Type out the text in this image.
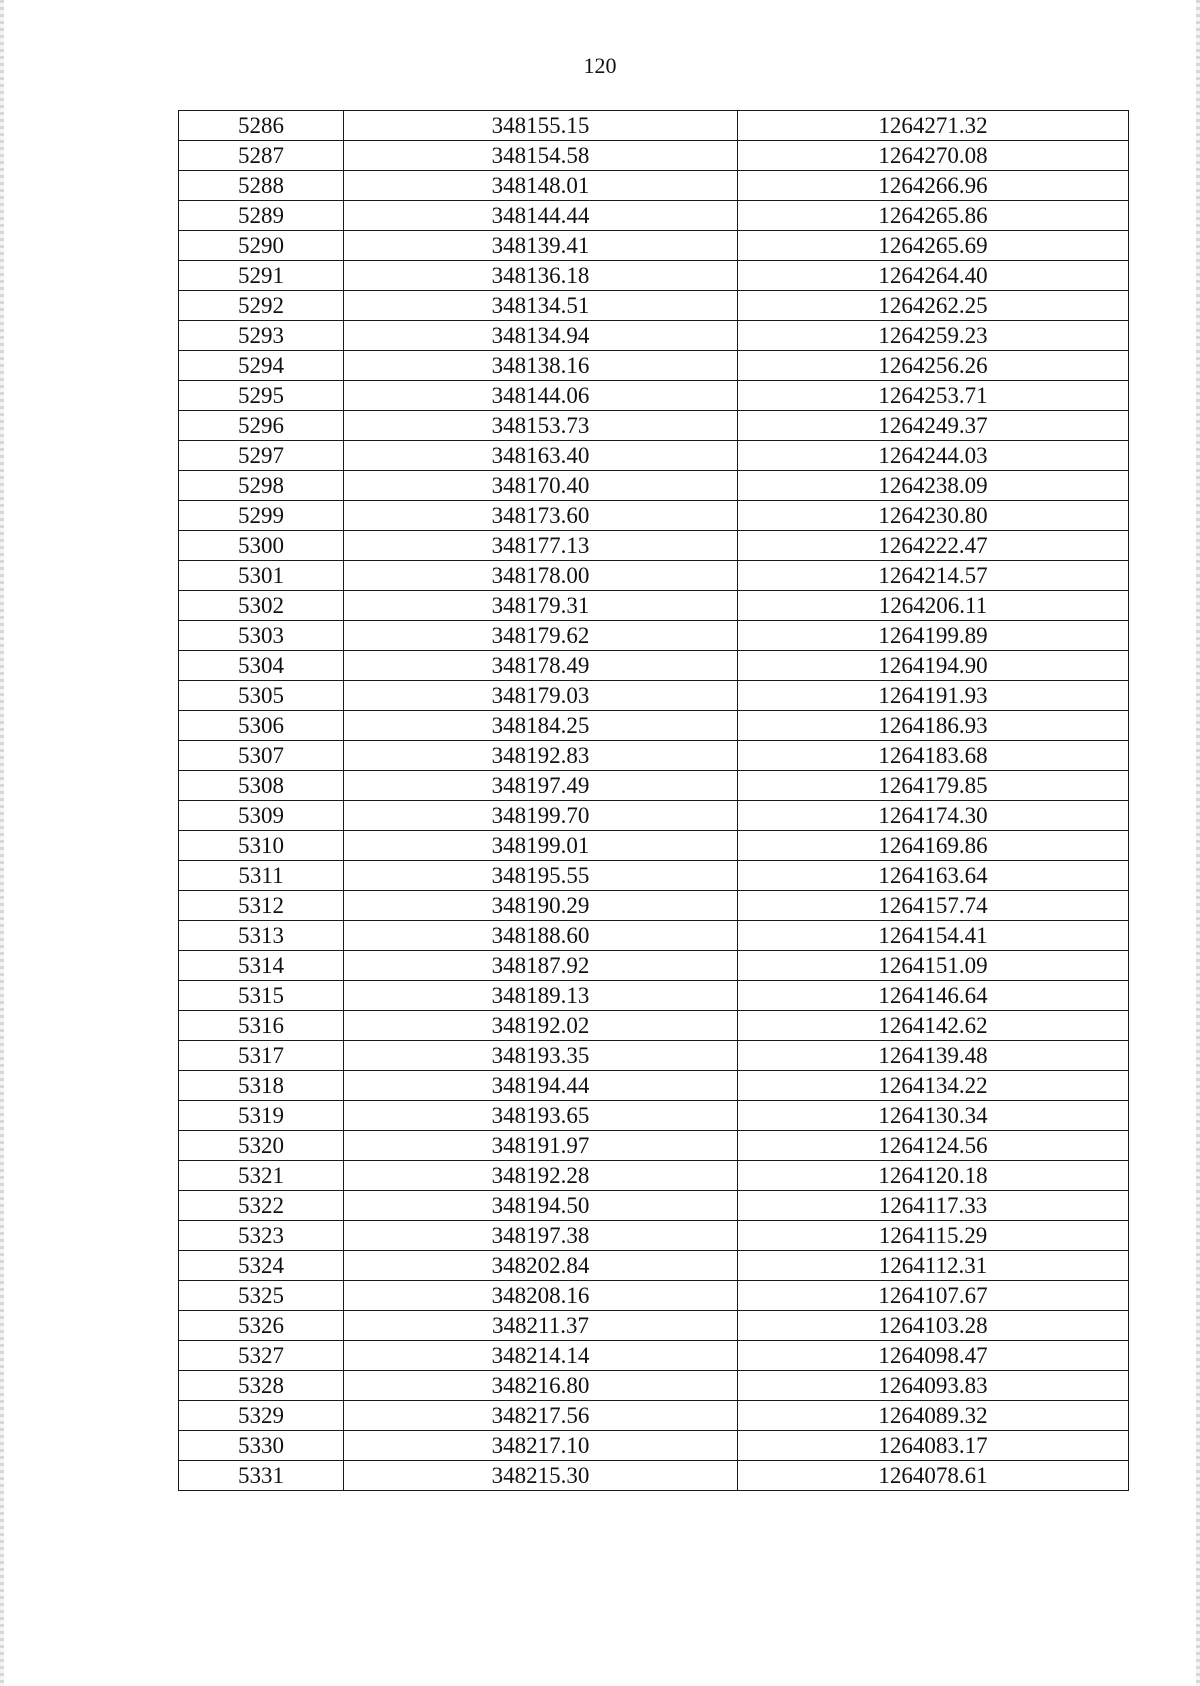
120
5286	348155.15	1264271.32
5287	348154.58	1264270.08
5288	348148.01	1264266.96
5289	348144.44	1264265.86
5290	348139.41	1264265.69
5291	348136.18	1264264.40
5292	348134.51	1264262.25
5293	348134.94	1264259.23
5294	348138.16	1264256.26
5295	348144.06	1264253.71
5296	348153.73	1264249.37
5297	348163.40	1264244.03
5298	348170.40	1264238.09
5299	348173.60	1264230.80
5300	348177.13	1264222.47
5301	348178.00	1264214.57
5302	348179.31	1264206.11
5303	348179.62	1264199.89
5304	348178.49	1264194.90
5305	348179.03	1264191.93
5306	348184.25	1264186.93
5307	348192.83	1264183.68
5308	348197.49	1264179.85
5309	348199.70	1264174.30
5310	348199.01	1264169.86
5311	348195.55	1264163.64
5312	348190.29	1264157.74
5313	348188.60	1264154.41
5314	348187.92	1264151.09
5315	348189.13	1264146.64
5316	348192.02	1264142.62
5317	348193.35	1264139.48
5318	348194.44	1264134.22
5319	348193.65	1264130.34
5320	348191.97	1264124.56
5321	348192.28	1264120.18
5322	348194.50	1264117.33
5323	348197.38	1264115.29
5324	348202.84	1264112.31
5325	348208.16	1264107.67
5326	348211.37	1264103.28
5327	348214.14	1264098.47
5328	348216.80	1264093.83
5329	348217.56	1264089.32
5330	348217.10	1264083.17
5331	348215.30	1264078.61
